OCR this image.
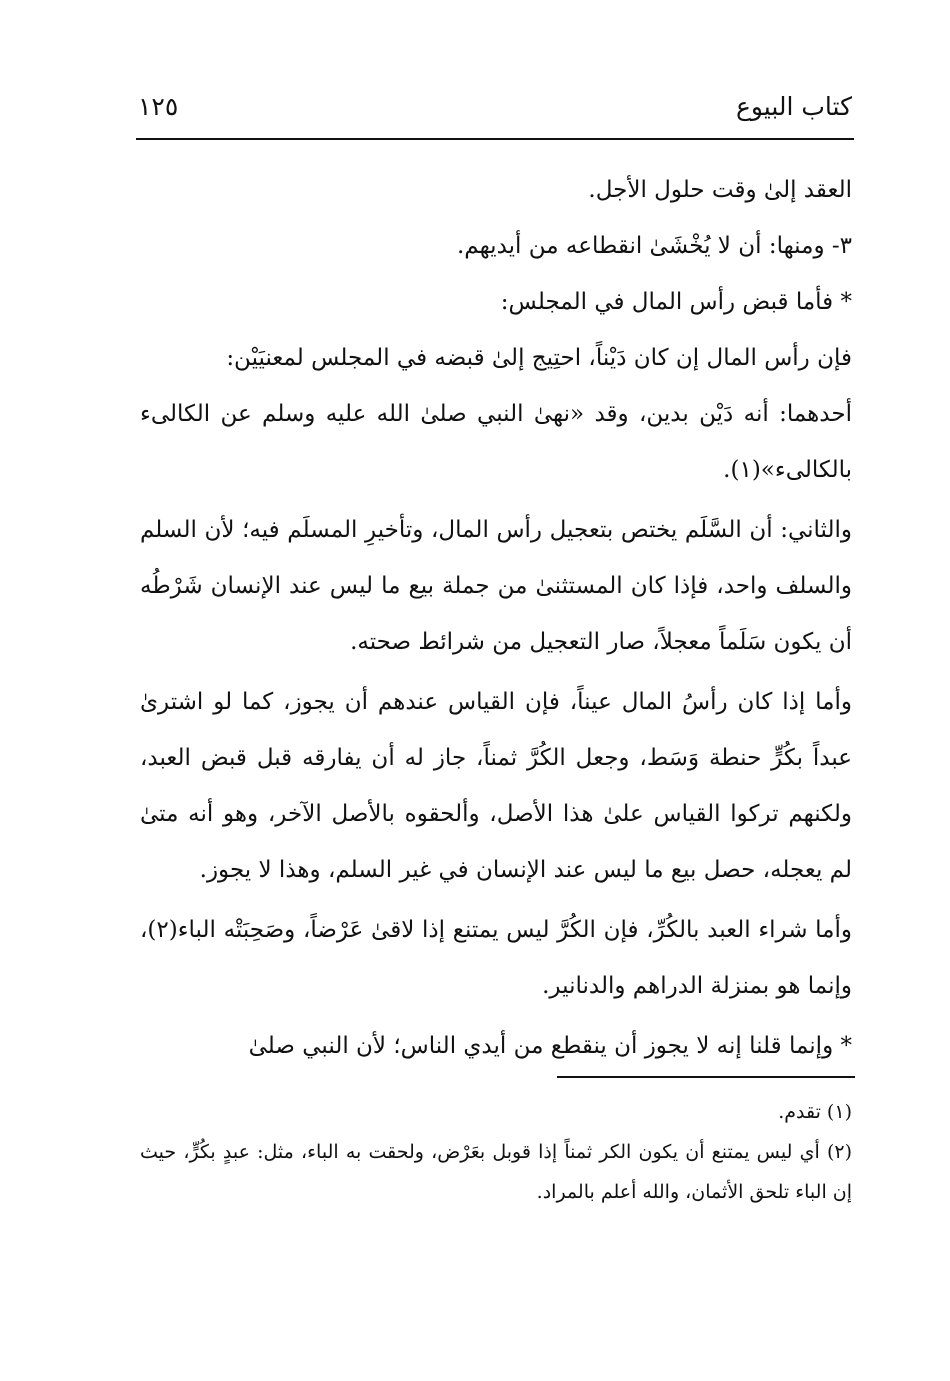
كتاب البيوع
١٢٥

العقد إلىٰ وقت حلول الأجل.

٣- ومنها: أن لا يُخْشَىٰ انقطاعه من أيديهم.

* فأما قبض رأس المال في المجلس:

فإن رأس المال إن كان دَيْناً، احتِيج إلىٰ قبضه في المجلس لمعنيَيْن:

أحدهما: أنه دَيْن بدين، وقد «نهىٰ النبي صلىٰ الله عليه وسلم عن الكالىء بالكالىء»(١).

والثاني: أن السَّلَم يختص بتعجيل رأس المال، وتأخيرِ المسلَم فيه؛ لأن السلم والسلف واحد، فإذا كان المستثنىٰ من جملة بيع ما ليس عند الإنسان شَرْطُه أن يكون سَلَماً معجلاً، صار التعجيل من شرائط صحته.

وأما إذا كان رأسُ المال عيناً، فإن القياس عندهم أن يجوز، كما لو اشترىٰ عبداً بكُرٍّ حنطة وَسَط، وجعل الكُرَّ ثمناً، جاز له أن يفارقه قبل قبض العبد، ولكنهم تركوا القياس علىٰ هذا الأصل، وألحقوه بالأصل الآخر، وهو أنه متىٰ لم يعجله، حصل بيع ما ليس عند الإنسان في غير السلم، وهذا لا يجوز.

وأما شراء العبد بالكُرِّ، فإن الكُرَّ ليس يمتنع إذا لاقىٰ عَرْضاً، وصَحِبَتْه الباء(٢)، وإنما هو بمنزلة الدراهم والدنانير.

* وإنما قلنا إنه لا يجوز أن ينقطع من أيدي الناس؛ لأن النبي صلىٰ

(١) تقدم.

(٢) أي ليس يمتنع أن يكون الكر ثمناً إذا قوبل بعَرْض، ولحقت به الباء، مثل: عبدٍ بكُرٍّ، حيث إن الباء تلحق الأثمان، والله أعلم بالمراد.
